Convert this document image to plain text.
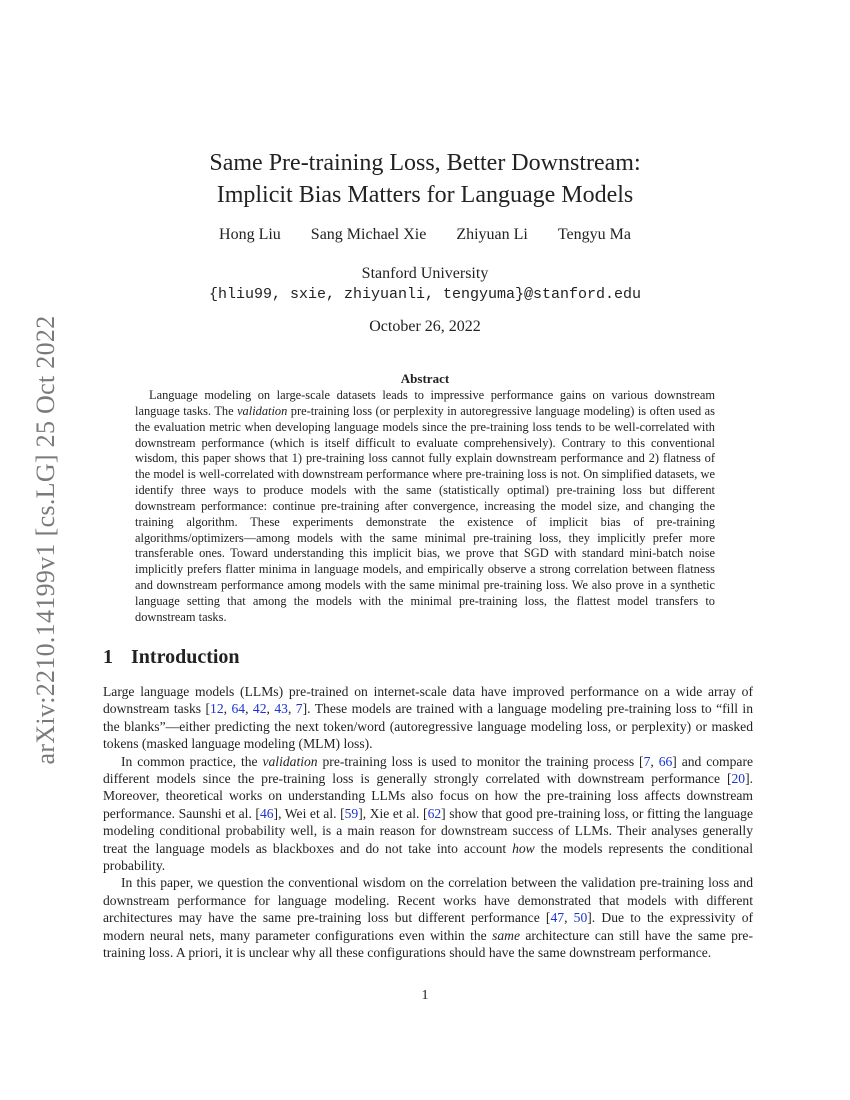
arXiv:2210.14199v1 [cs.LG] 25 Oct 2022
Same Pre-training Loss, Better Downstream:
Implicit Bias Matters for Language Models
Hong Liu Sang Michael Xie Zhiyuan Li Tengyu Ma
Stanford University
{hliu99, sxie, zhiyuanli, tengyuma}@stanford.edu
October 26, 2022
Abstract
Language modeling on large-scale datasets leads to impressive performance gains on various downstream language tasks. The validation pre-training loss (or perplexity in autoregressive language modeling) is often used as the evaluation metric when developing language models since the pre-training loss tends to be well-correlated with downstream performance (which is itself difficult to evaluate comprehensively). Contrary to this conventional wisdom, this paper shows that 1) pre-training loss cannot fully explain downstream performance and 2) flatness of the model is well-correlated with downstream performance where pre-training loss is not. On simplified datasets, we identify three ways to produce models with the same (statistically optimal) pre-training loss but different downstream performance: continue pre-training after convergence, increasing the model size, and changing the training algorithm. These experiments demonstrate the existence of implicit bias of pre-training algorithms/optimizers—among models with the same minimal pre-training loss, they implicitly prefer more transferable ones. Toward understanding this implicit bias, we prove that SGD with standard mini-batch noise implicitly prefers flatter minima in language models, and empirically observe a strong correlation between flatness and downstream performance among models with the same minimal pre-training loss. We also prove in a synthetic language setting that among the models with the minimal pre-training loss, the flattest model transfers to downstream tasks.
1 Introduction

Large language models (LLMs) pre-trained on internet-scale data have improved performance on a wide array of downstream tasks [12, 64, 42, 43, 7]. These models are trained with a language modeling pre-training loss to “fill in the blanks”—either predicting the next token/word (autoregressive language modeling loss, or perplexity) or masked tokens (masked language modeling (MLM) loss).

In common practice, the validation pre-training loss is used to monitor the training process [7, 66] and compare different models since the pre-training loss is generally strongly correlated with downstream performance [20]. Moreover, theoretical works on understanding LLMs also focus on how the pre-training loss affects downstream performance. Saunshi et al. [46], Wei et al. [59], Xie et al. [62] show that good pre-training loss, or fitting the language modeling conditional probability well, is a main reason for downstream success of LLMs. Their analyses generally treat the language models as blackboxes and do not take into account how the models represents the conditional probability.

In this paper, we question the conventional wisdom on the correlation between the validation pre-training loss and downstream performance for language modeling. Recent works have demonstrated that models with different architectures may have the same pre-training loss but different performance [47, 50]. Due to the expressivity of modern neural nets, many parameter configurations even within the same architecture can still have the same pre-training loss. A priori, it is unclear why all these configurations should have the same downstream performance.

1
